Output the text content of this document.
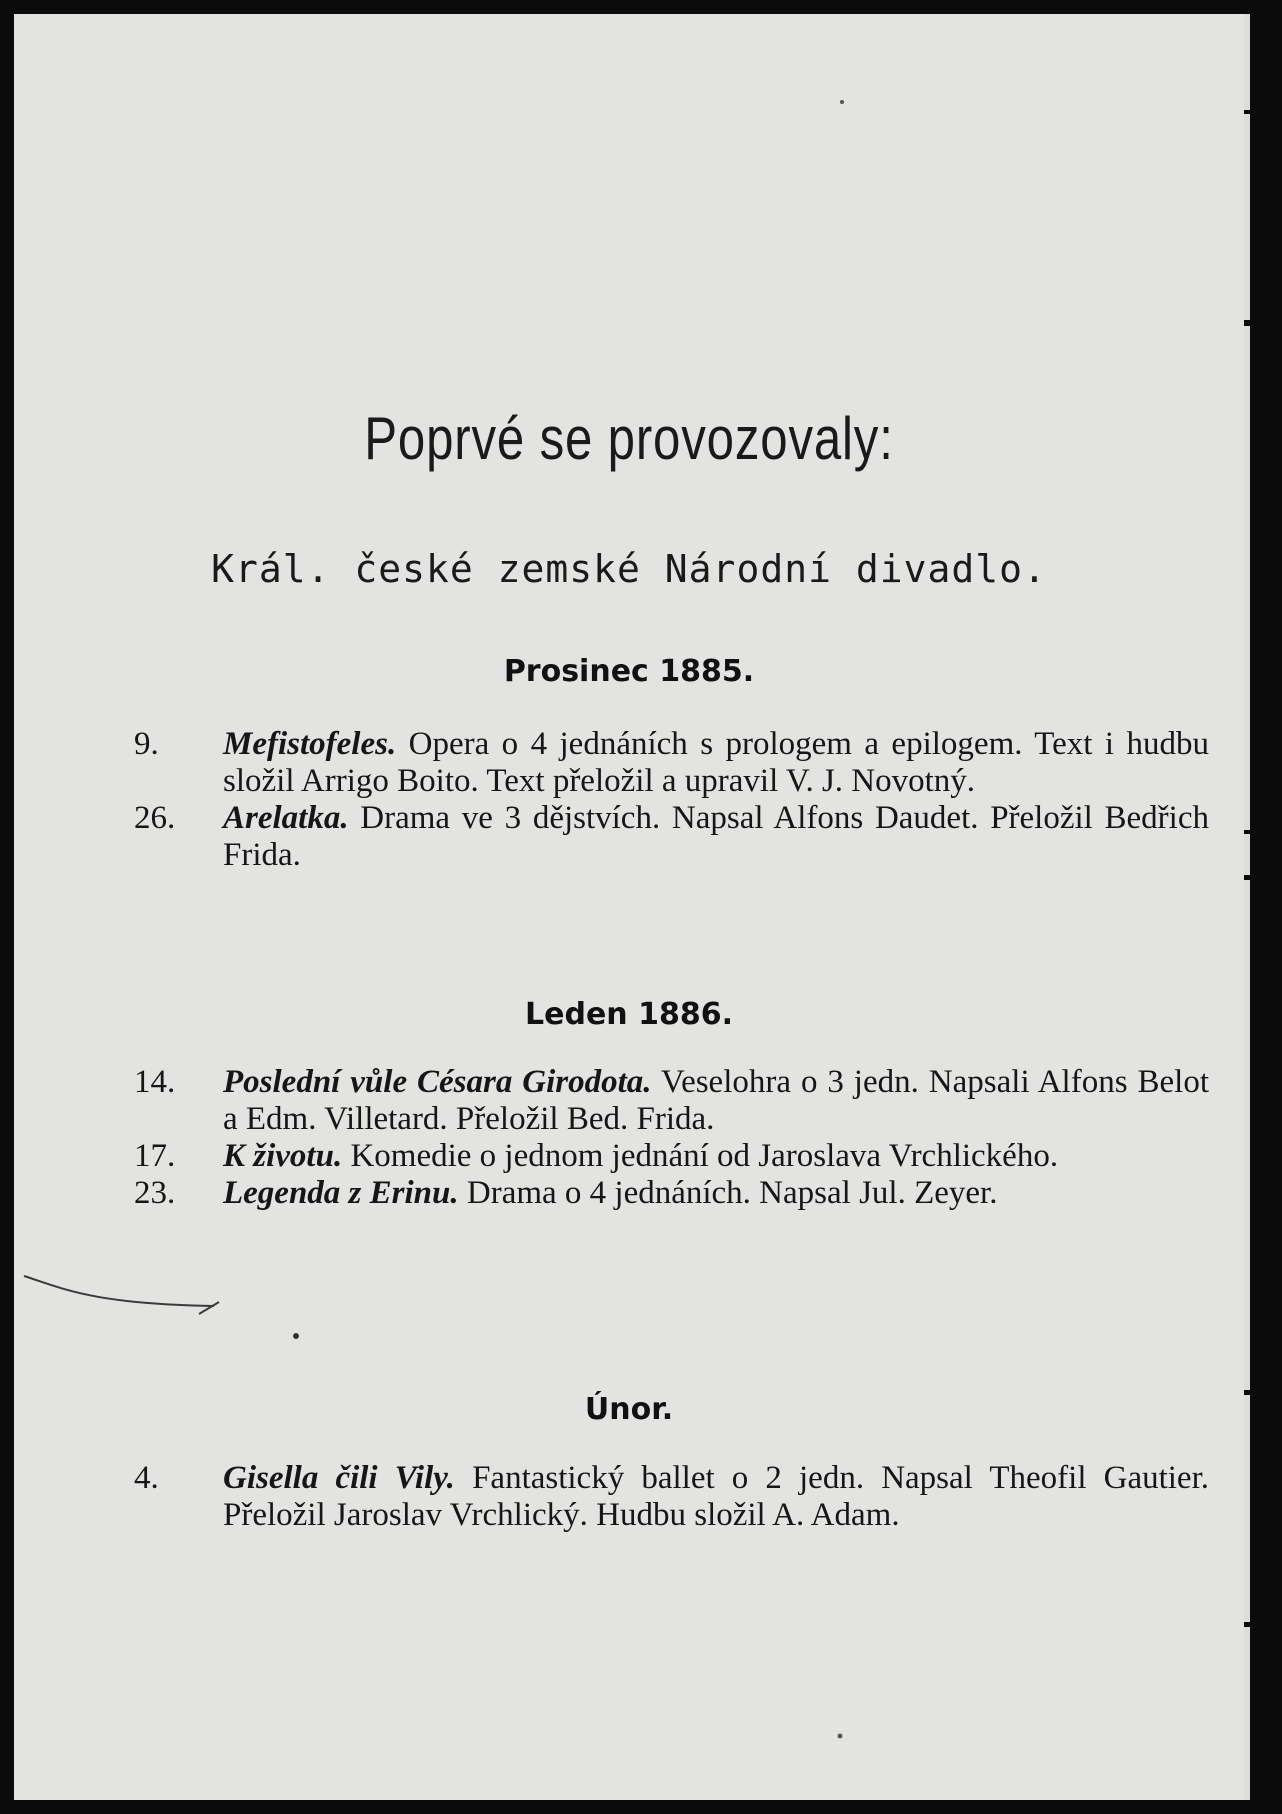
Poprvé se provozovaly:
Král. české zemské Národní divadlo.
Prosinec 1885.
9.	Mefistofeles. Opera o 4 jednáních s prologem a epilogem. Text i hudbu složil Arrigo Boito. Text přeložil a upravil V. J. Novotný.
26.	Arelatka. Drama ve 3 dějstvích. Napsal Alfons Daudet. Přeložil Bedřich Frida.
Leden 1886.
14.	Poslední vůle Césara Girodota. Veselohra o 3 jedn. Napsali Alfons Belot a Edm. Villetard. Přeložil Bed. Frida.
17.	K životu. Komedie o jednom jednání od Jaroslava Vrchlického.
23.	Legenda z Erinu. Drama o 4 jednáních. Napsal Jul. Zeyer.
Únor.
4.	Gisella čili Vily. Fantastický ballet o 2 jedn. Napsal Theofil Gautier. Přeložil Jaroslav Vrchlický. Hudbu složil A. Adam.
